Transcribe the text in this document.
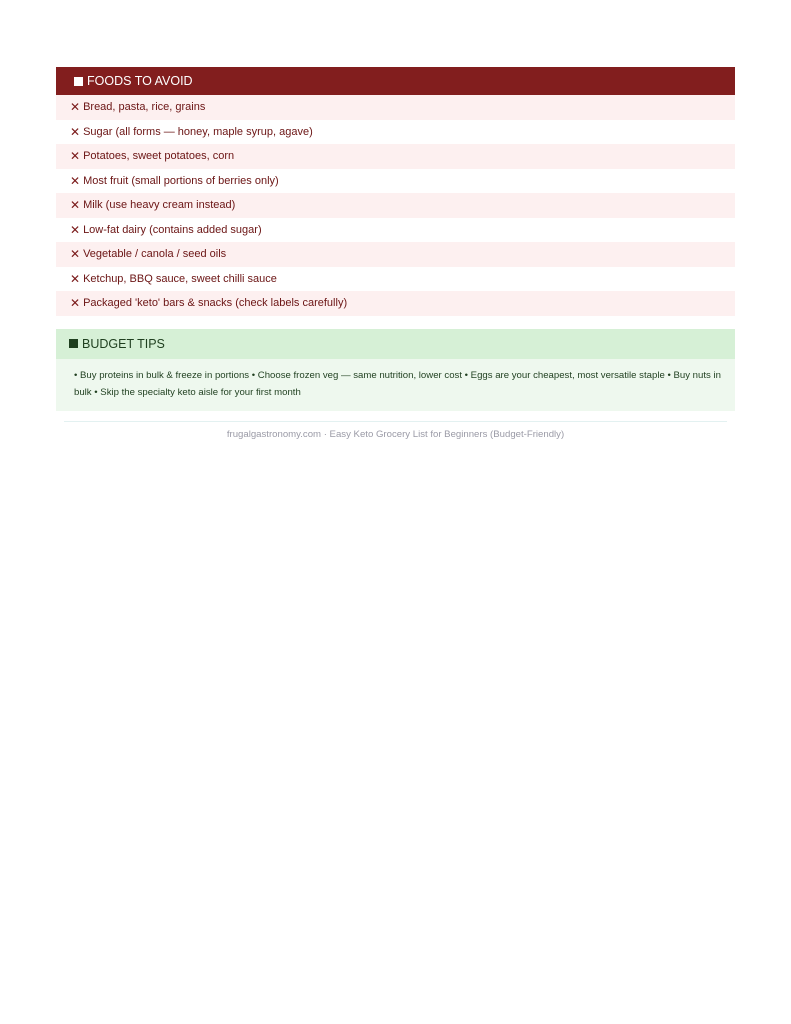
FOODS TO AVOID
✕ Bread, pasta, rice, grains
✕ Sugar (all forms — honey, maple syrup, agave)
✕ Potatoes, sweet potatoes, corn
✕ Most fruit (small portions of berries only)
✕ Milk (use heavy cream instead)
✕ Low-fat dairy (contains added sugar)
✕ Vegetable / canola / seed oils
✕ Ketchup, BBQ sauce, sweet chilli sauce
✕ Packaged 'keto' bars & snacks (check labels carefully)
BUDGET TIPS
• Buy proteins in bulk & freeze in portions • Choose frozen veg — same nutrition, lower cost • Eggs are your cheapest, most versatile staple • Buy nuts in bulk • Skip the specialty keto aisle for your first month
frugalgastronomy.com · Easy Keto Grocery List for Beginners (Budget-Friendly)
